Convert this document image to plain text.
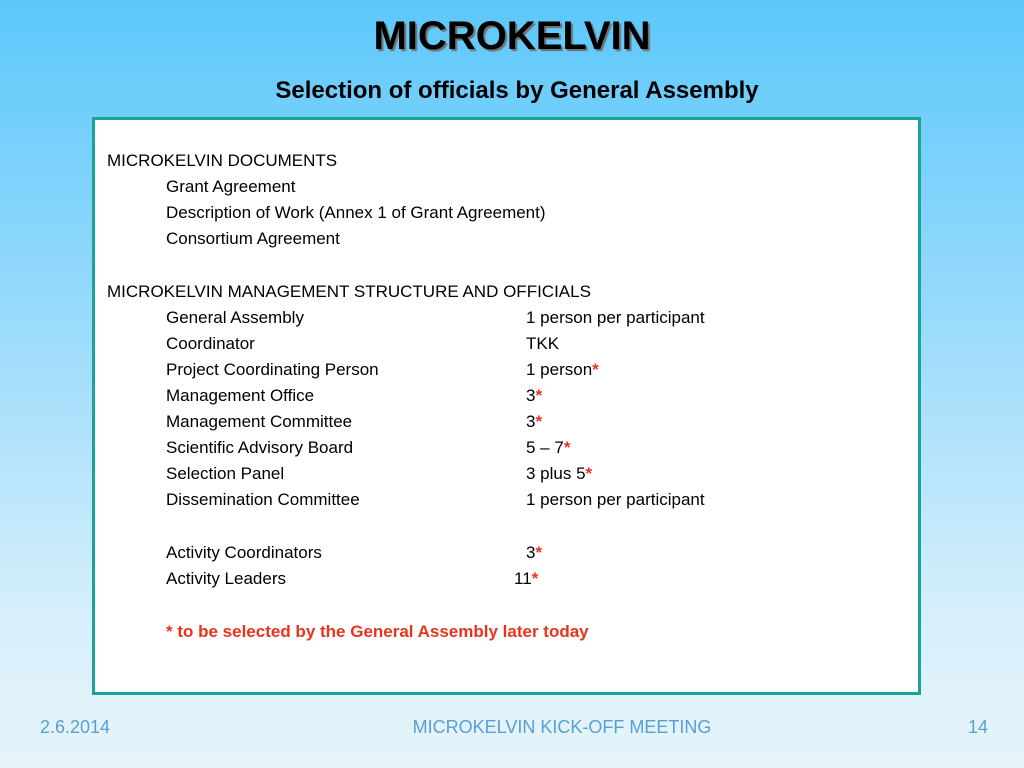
MICROKELVIN
Selection of officials by General Assembly
MICROKELVIN DOCUMENTS
Grant Agreement
Description of Work (Annex 1 of Grant Agreement)
Consortium Agreement
MICROKELVIN MANAGEMENT STRUCTURE AND OFFICIALS
General Assembly	1 person per participant
Coordinator	TKK
Project Coordinating Person	1 person*
Management Office	3*
Management Committee	3*
Scientific Advisory Board	5 – 7*
Selection Panel	3 plus 5*
Dissemination Committee	1 person per participant
Activity Coordinators	3*
Activity Leaders	11*
* to be selected by the General Assembly later today
2.6.2014	MICROKELVIN KICK-OFF MEETING	14
